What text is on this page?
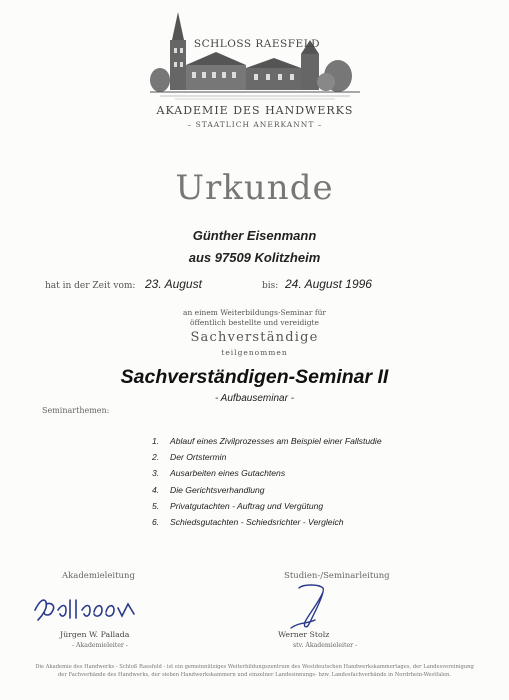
SCHLOSS RAESFELD
AKADEMIE DES HANDWERKS
– STAATLICH ANERKANNT –
Urkunde
Günther Eisenmann
aus 97509 Kolitzheim
hat in der Zeit vom: 23. August	bis: 24. August 1996
an einem Weiterbildungs-Seminar für
öffentlich bestellte und vereidigte
Sachverständige
teilgenommen
Sachverständigen-Seminar II
- Aufbauseminar -
Seminarthemen:
1. Ablauf eines Zivilprozesses am Beispiel einer Fallstudie
2. Der Ortstermin
3. Ausarbeiten eines Gutachtens
4. Die Gerichtsverhandlung
5. Privatgutachten - Auftrag und Vergütung
6. Schiedsgutachten - Schiedsrichter - Vergleich
Akademieleitung
Jürgen W. Pallada
- Akademieleiter -
Studien-/Seminarleitung
Werner Stolz
stv. Akademieleiter -
Die Akademie des Handwerks - Schloß Raesfeld - ist ein gemeinnütziges Weiterbildungszentrum des Westdeutschen Handwerkskammertages, der Landesvereinigung
der Fachverbände des Handwerks, der sieben Handwerkskammern und einzelner Landesinnungs- bzw. Landesfachverbände in Nordrhein-Westfalen.
